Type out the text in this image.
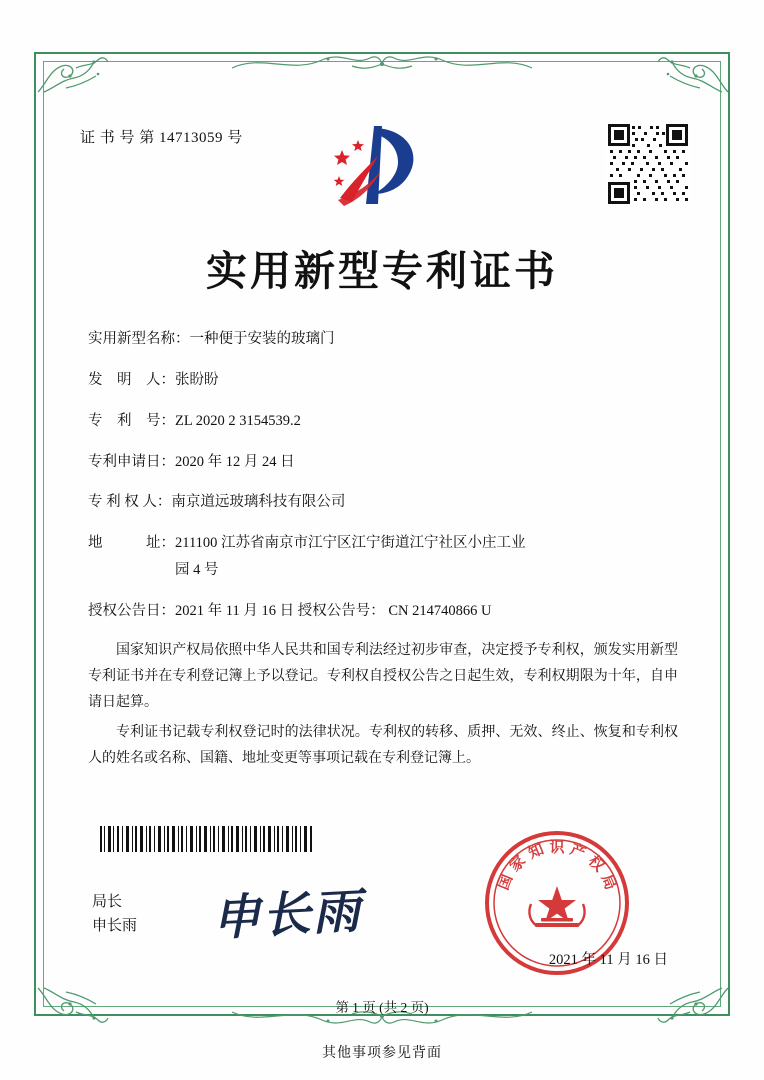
证 书 号 第 14713059 号
实用新型专利证书
实用新型名称： 一种便于安装的玻璃门
发　明　人： 张盼盼
专　利　号： ZL 2020 2 3154539.2
专利申请日： 2020 年 12 月 24 日
专 利 权 人： 南京道远玻璃科技有限公司
地　　　址： 211100 江苏省南京市江宁区江宁街道江宁社区小庄工业
园 4 号
授权公告日： 2021 年 11 月 16 日 授权公告号： CN 214740866 U

国家知识产权局依照中华人民共和国专利法经过初步审查，决定授予专利权，颁发实用新型专利证书并在专利登记簿上予以登记。专利权自授权公告之日起生效，专利权期限为十年，自申请日起算。

专利证书记载专利权登记时的法律状况。专利权的转移、质押、无效、终止、恢复和专利权人的姓名或名称、国籍、地址变更等事项记载在专利登记簿上。

局长
申长雨 申长雨
国
家
知 识 产
权
局
2021 年 11 月 16 日
第 1 页 (共 2 页)
其他事项参见背面
